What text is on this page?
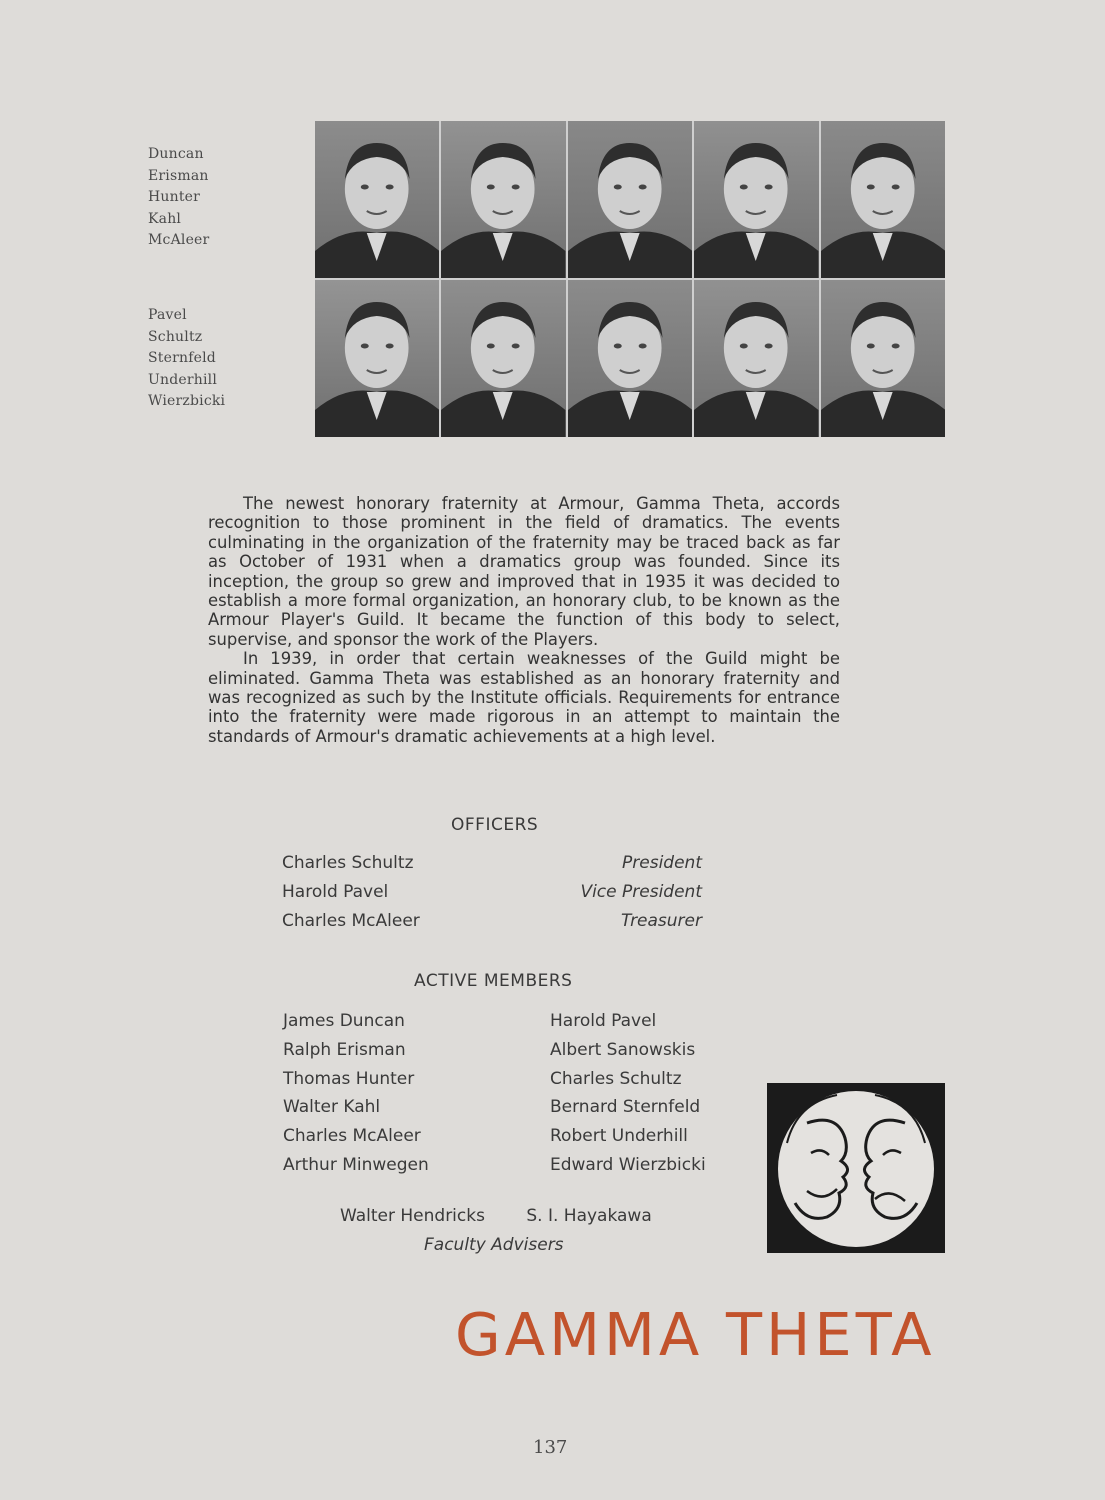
Duncan
Erisman
Hunter
Kahl
McAleer
Pavel
Schultz
Sternfeld
Underhill
Wierzbicki

The newest honorary fraternity at Armour, Gamma Theta, accords recognition to those prominent in the field of dramatics. The events culminating in the organization of the fraternity may be traced back as far as October of 1931 when a dramatics group was founded. Since its inception, the group so grew and improved that in 1935 it was decided to establish a more formal organization, an honorary club, to be known as the Armour Player's Guild. It became the function of this body to select, supervise, and sponsor the work of the Players.

In 1939, in order that certain weaknesses of the Guild might be eliminated. Gamma Theta was established as an honorary fraternity and was recognized as such by the Institute officials. Requirements for entrance into the fraternity were made rigorous in an attempt to maintain the standards of Armour's dramatic achievements at a high level.

OFFICERS
Charles Schultz	President
Harold Pavel	Vice President
Charles McAleer	Treasurer
ACTIVE MEMBERS
James Duncan
Ralph Erisman
Thomas Hunter
Walter Kahl
Charles McAleer
Arthur Minwegen
Harold Pavel
Albert Sanowskis
Charles Schultz
Bernard Sternfeld
Robert Underhill
Edward Wierzbicki
Walter Hendricks S. I. Hayakawa
Faculty Advisers
GAMMA THETA
137
